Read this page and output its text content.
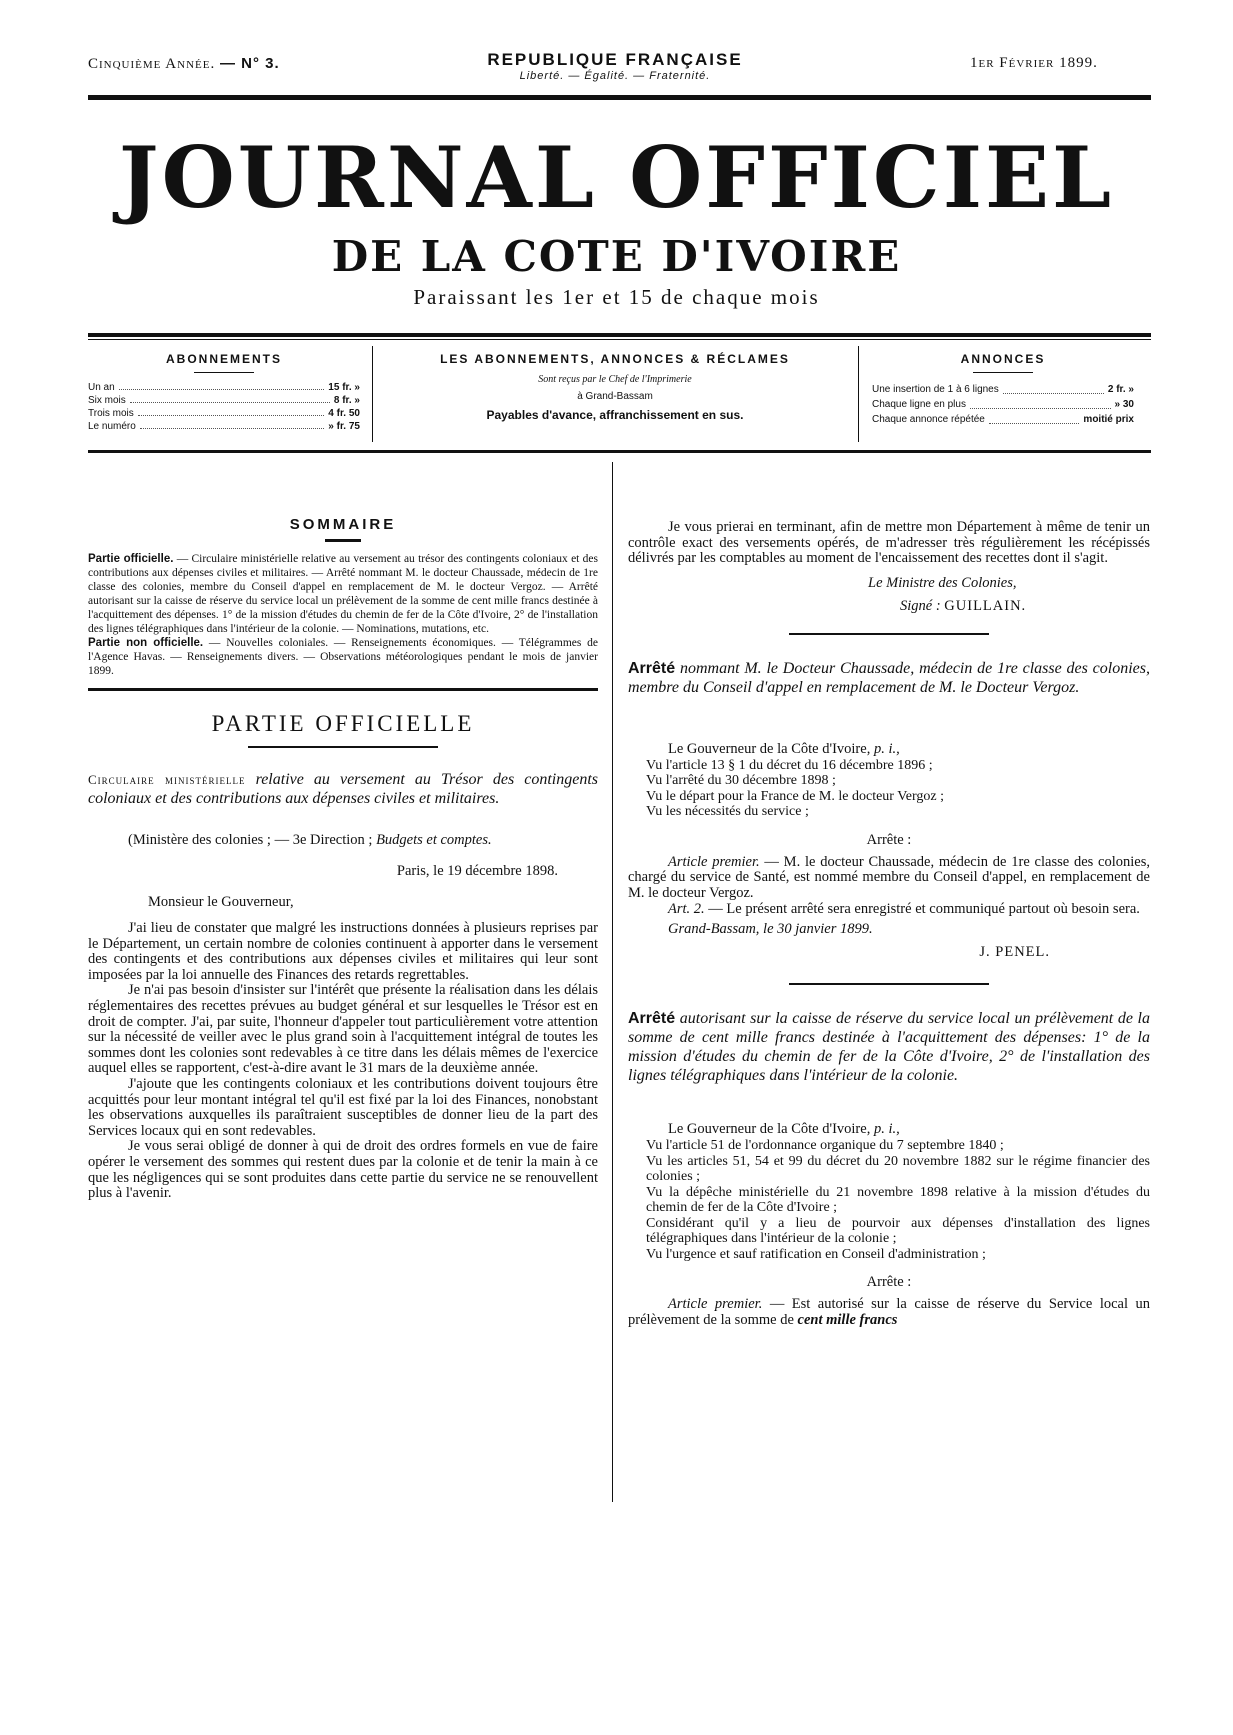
Cinquième Année. — N° 3.	REPUBLIQUE FRANÇAISE
Liberté. — Égalité. — Fraternité.
1er Février 1899.
JOURNAL OFFICIEL
DE LA COTE D'IVOIRE
Paraissant les 1er et 15 de chaque mois
ABONNEMENTS
Un an	15 fr. »
Six mois	8 fr. »
Trois mois	4 fr. 50
Le numéro	» fr. 75
LES ABONNEMENTS, ANNONCES & RÉCLAMES
Sont reçus par le Chef de l'Imprimerie
à Grand-Bassam
Payables d'avance, affranchissement en sus.
ANNONCES
Une insertion de 1 à 6 lignes	2 fr. »
Chaque ligne en plus	» 30
Chaque annonce répétée	moitié prix
SOMMAIRE

Partie officielle. — Circulaire ministérielle relative au versement au trésor des contingents coloniaux et des contributions aux dépenses civiles et militaires. — Arrêté nommant M. le docteur Chaussade, médecin de 1re classe des colonies, membre du Conseil d'appel en remplacement de M. le docteur Vergoz. — Arrêté autorisant sur la caisse de réserve du service local un prélèvement de la somme de cent mille francs destinée à l'acquittement des dépenses. 1° de la mission d'études du chemin de fer de la Côte d'Ivoire, 2° de l'installation des lignes télégraphiques dans l'intérieur de la colonie. — Nominations, mutations, etc.

Partie non officielle. — Nouvelles coloniales. — Renseignements économiques. — Télégrammes de l'Agence Havas. — Renseignements divers. — Observations météorologiques pendant le mois de janvier 1899.

PARTIE OFFICIELLE

Circulaire ministérielle relative au versement au Trésor des contingents coloniaux et des contributions aux dépenses civiles et militaires.

(Ministère des colonies ; — 3e Direction ; Budgets et comptes.

Paris, le 19 décembre 1898.

Monsieur le Gouverneur,

J'ai lieu de constater que malgré les instructions données à plusieurs reprises par le Département, un certain nombre de colonies continuent à apporter dans le versement des contingents et des contributions aux dépenses civiles et militaires qui leur sont imposées par la loi annuelle des Finances des retards regrettables.

Je n'ai pas besoin d'insister sur l'intérêt que présente la réalisation dans les délais réglementaires des recettes prévues au budget général et sur lesquelles le Trésor est en droit de compter. J'ai, par suite, l'honneur d'appeler tout particulièrement votre attention sur la nécessité de veiller avec le plus grand soin à l'acquittement intégral de toutes les sommes dont les colonies sont redevables à ce titre dans les délais mêmes de l'exercice auquel elles se rapportent, c'est-à-dire avant le 31 mars de la deuxième année.

J'ajoute que les contingents coloniaux et les contributions doivent toujours être acquittés pour leur montant intégral tel qu'il est fixé par la loi des Finances, nonobstant les observations auxquelles ils paraîtraient susceptibles de donner lieu de la part des Services locaux qui en sont redevables.

Je vous serai obligé de donner à qui de droit des ordres formels en vue de faire opérer le versement des sommes qui restent dues par la colonie et de tenir la main à ce que les négligences qui se sont produites dans cette partie du service ne se renouvellent plus à l'avenir.

Je vous prierai en terminant, afin de mettre mon Département à même de tenir un contrôle exact des versements opérés, de m'adresser très régulièrement les récépissés délivrés par les comptables au moment de l'encaissement des recettes dont il s'agit.

Le Ministre des Colonies,

Signé : GUILLAIN.

Arrêté nommant M. le Docteur Chaussade, médecin de 1re classe des colonies, membre du Conseil d'appel en remplacement de M. le Docteur Vergoz.

Le Gouverneur de la Côte d'Ivoire, p. i.,

Vu l'article 13 § 1 du décret du 16 décembre 1896 ;

Vu l'arrêté du 30 décembre 1898 ;

Vu le départ pour la France de M. le docteur Vergoz ;

Vu les nécessités du service ;

Arrête :

Article premier. — M. le docteur Chaussade, médecin de 1re classe des colonies, chargé du service de Santé, est nommé membre du Conseil d'appel, en remplacement de M. le docteur Vergoz.

Art. 2. — Le présent arrêté sera enregistré et communiqué partout où besoin sera.

Grand-Bassam, le 30 janvier 1899.

J. PENEL.

Arrêté autorisant sur la caisse de réserve du service local un prélèvement de la somme de cent mille francs destinée à l'acquittement des dépenses: 1° de la mission d'études du chemin de fer de la Côte d'Ivoire, 2° de l'installation des lignes télégraphiques dans l'intérieur de la colonie.

Le Gouverneur de la Côte d'Ivoire, p. i.,

Vu l'article 51 de l'ordonnance organique du 7 septembre 1840 ;

Vu les articles 51, 54 et 99 du décret du 20 novembre 1882 sur le régime financier des colonies ;

Vu la dépêche ministérielle du 21 novembre 1898 relative à la mission d'études du chemin de fer de la Côte d'Ivoire ;

Considérant qu'il y a lieu de pourvoir aux dépenses d'installation des lignes télégraphiques dans l'intérieur de la colonie ;

Vu l'urgence et sauf ratification en Conseil d'administration ;

Arrête :

Article premier. — Est autorisé sur la caisse de réserve du Service local un prélèvement de la somme de cent mille francs
